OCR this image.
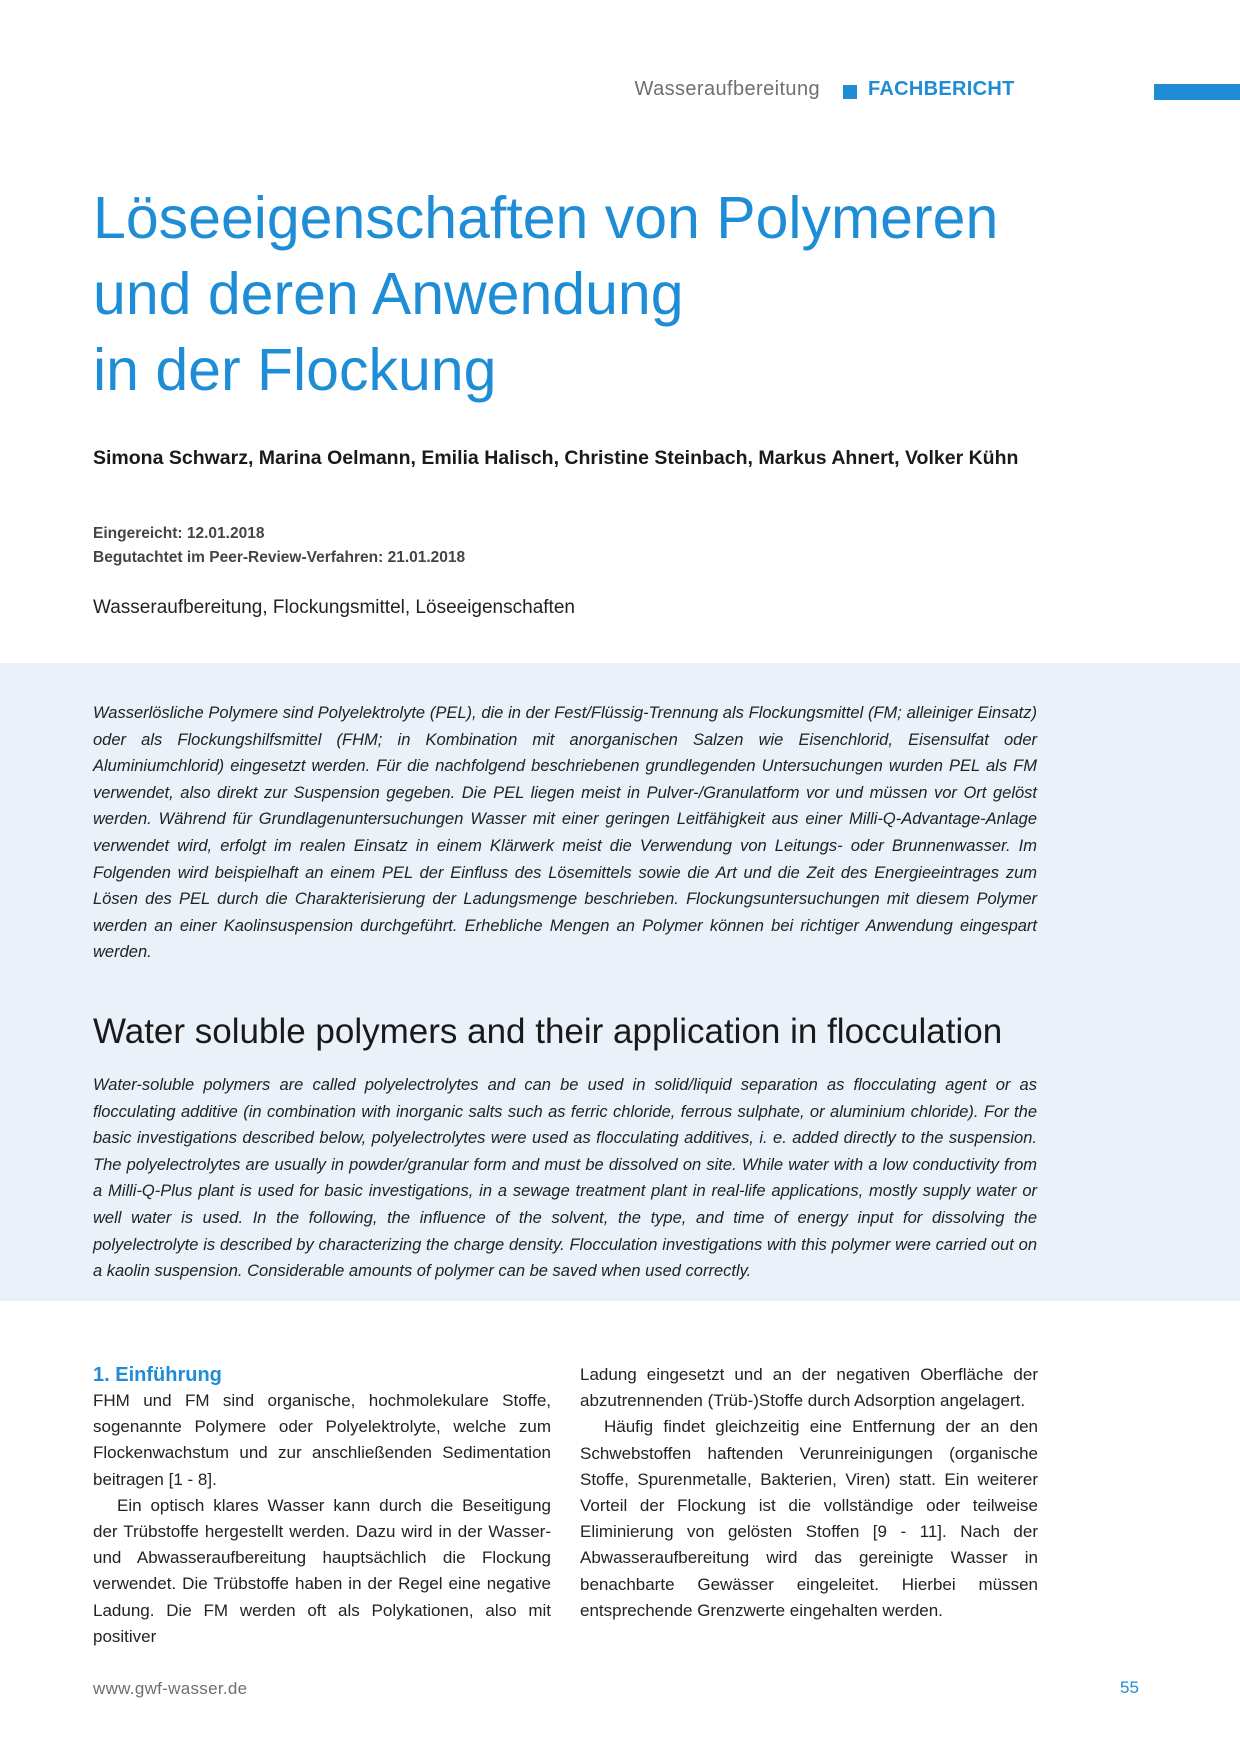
Wasseraufbereitung FACHBERICHT
Löseeigenschaften von Polymeren
und deren Anwendung
in der Flockung
Simona Schwarz, Marina Oelmann, Emilia Halisch, Christine Steinbach, Markus Ahnert, Volker Kühn
Eingereicht: 12.01.2018
Begutachtet im Peer-Review-Verfahren: 21.01.2018
Wasseraufbereitung, Flockungsmittel, Löseeigenschaften

Wasserlösliche Polymere sind Polyelektrolyte (PEL), die in der Fest/Flüssig-Trennung als Flockungsmittel (FM; alleiniger Einsatz) oder als Flockungshilfsmittel (FHM; in Kombination mit anorganischen Salzen wie Eisenchlorid, Eisensulfat oder Aluminiumchlorid) eingesetzt werden. Für die nachfolgend beschriebenen grundlegenden Untersuchungen wurden PEL als FM verwendet, also direkt zur Suspension gegeben. Die PEL liegen meist in Pulver-/Granulatform vor und müssen vor Ort gelöst werden. Während für Grundlagenuntersuchungen Wasser mit einer geringen Leitfähigkeit aus einer Milli-Q-Advantage-Anlage verwendet wird, erfolgt im realen Einsatz in einem Klärwerk meist die Verwendung von Leitungs- oder Brunnenwasser. Im Folgenden wird beispielhaft an einem PEL der Einfluss des Lösemittels sowie die Art und die Zeit des Energieeintrages zum Lösen des PEL durch die Charakterisierung der Ladungsmenge beschrieben. Flockungsuntersuchungen mit diesem Polymer werden an einer Kaolinsuspension durchgeführt. Erhebliche Mengen an Polymer können bei richtiger Anwendung eingespart werden.

Water soluble polymers and their application in flocculation

Water-soluble polymers are called polyelectrolytes and can be used in solid/liquid separation as flocculating agent or as flocculating additive (in combination with inorganic salts such as ferric chloride, ferrous sulphate, or aluminium chloride). For the basic investigations described below, polyelectrolytes were used as flocculating additives, i. e. added directly to the suspension. The polyelectrolytes are usually in powder/granular form and must be dissolved on site. While water with a low conductivity from a Milli-Q-Plus plant is used for basic investigations, in a sewage treatment plant in real-life applications, mostly supply water or well water is used. In the following, the influence of the solvent, the type, and time of energy input for dissolving the polyelectrolyte is described by characterizing the charge density. Flocculation investigations with this polymer were carried out on a kaolin suspension. Considerable amounts of polymer can be saved when used correctly.

1. Einführung

FHM und FM sind organische, hochmolekulare Stoffe, sogenannte Polymere oder Polyelektrolyte, welche zum Flockenwachstum und zur anschließenden Sedimentation beitragen [1 - 8].

Ein optisch klares Wasser kann durch die Beseitigung der Trübstoffe hergestellt werden. Dazu wird in der Wasser- und Abwasseraufbereitung hauptsächlich die Flockung verwendet. Die Trübstoffe haben in der Regel eine negative Ladung. Die FM werden oft als Polykationen, also mit positiver

Ladung eingesetzt und an der negativen Oberfläche der abzutrennenden (Trüb-)Stoffe durch Adsorption angelagert.

Häufig findet gleichzeitig eine Entfernung der an den Schwebstoffen haftenden Verunreinigungen (organische Stoffe, Spurenmetalle, Bakterien, Viren) statt. Ein weiterer Vorteil der Flockung ist die vollständige oder teilweise Eliminierung von gelösten Stoffen [9 - 11]. Nach der Abwasseraufbereitung wird das gereinigte Wasser in benachbarte Gewässer eingeleitet. Hierbei müssen entsprechende Grenzwerte eingehalten werden.

www.gwf-wasser.de	55
